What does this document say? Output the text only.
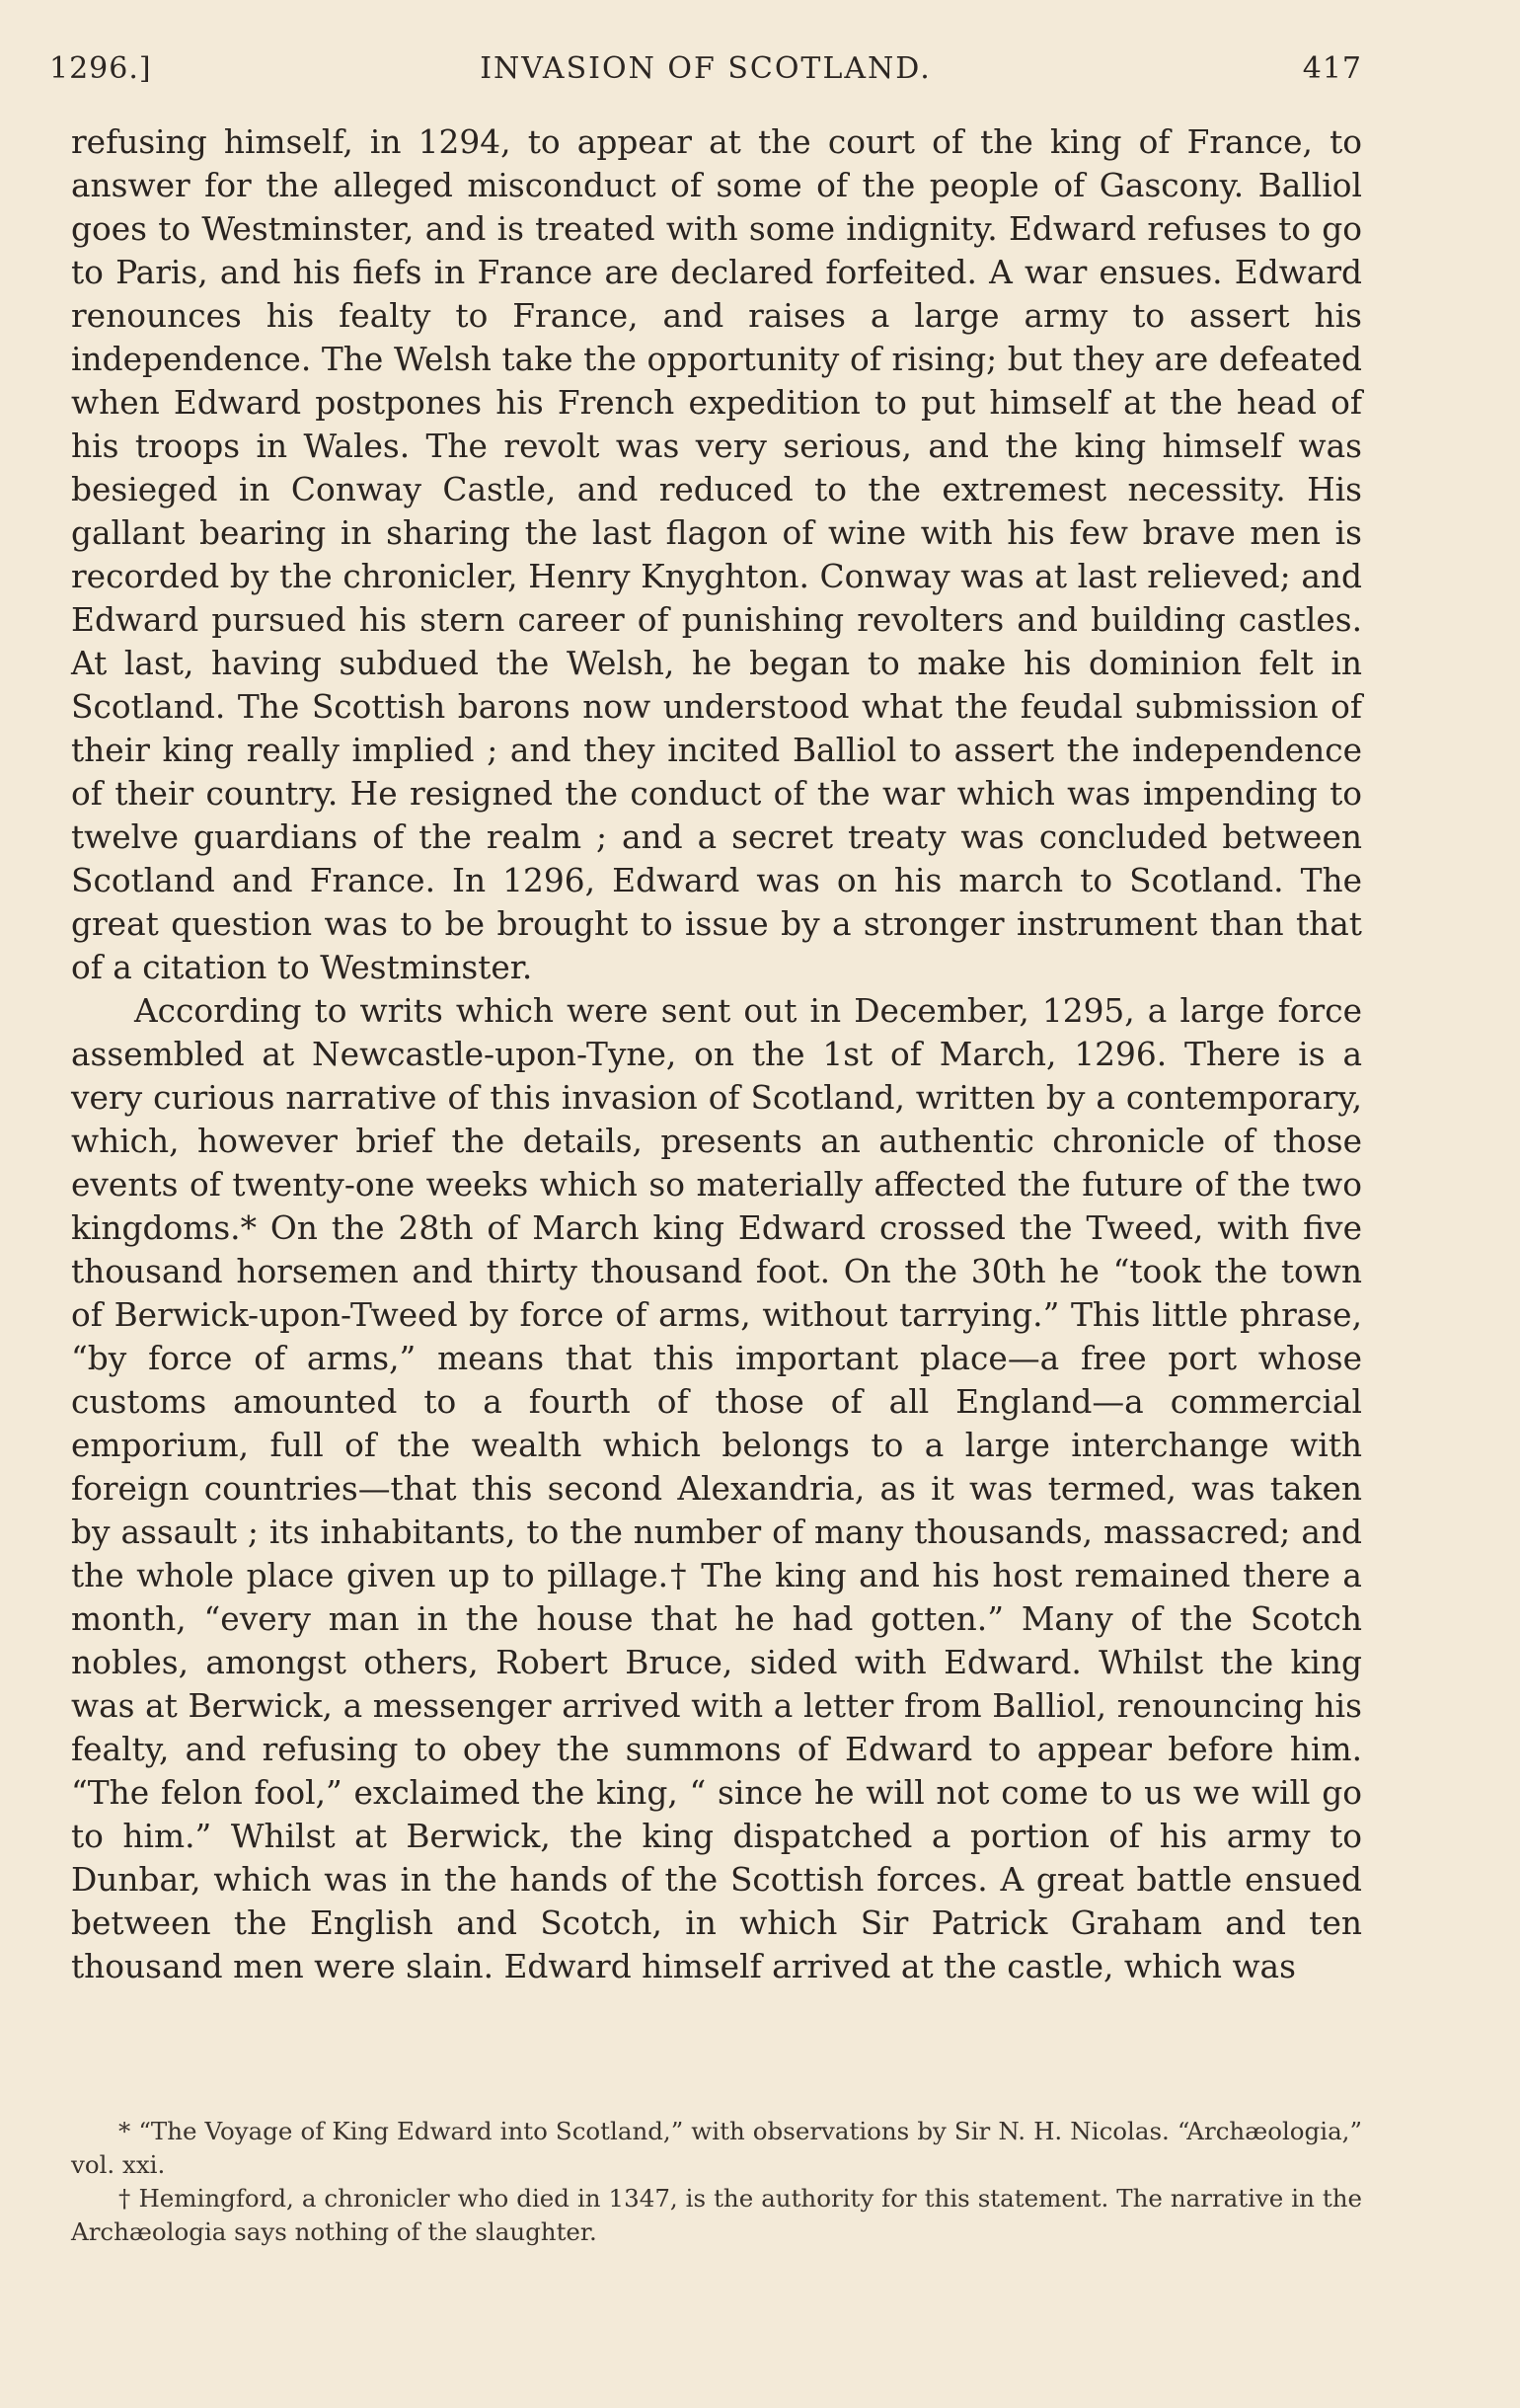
1296.]	INVASION OF SCOTLAND.	417

refusing himself, in 1294, to appear at the court of the king of France, to answer for the alleged misconduct of some of the people of Gascony. Balliol goes to Westminster, and is treated with some indignity. Edward refuses to go to Paris, and his fiefs in France are declared forfeited. A war ensues. Edward renounces his fealty to France, and raises a large army to assert his independence. The Welsh take the opportunity of rising; but they are defeated when Edward postpones his French expedition to put himself at the head of his troops in Wales. The revolt was very serious, and the king himself was besieged in Conway Castle, and reduced to the extremest necessity. His gallant bearing in sharing the last flagon of wine with his few brave men is recorded by the chronicler, Henry Knyghton. Conway was at last relieved; and Edward pursued his stern career of punishing revolters and building castles. At last, having subdued the Welsh, he began to make his dominion felt in Scotland. The Scottish barons now understood what the feudal submission of their king really implied ; and they incited Balliol to assert the independence of their country. He resigned the conduct of the war which was impending to twelve guardians of the realm ; and a secret treaty was concluded between Scotland and France. In 1296, Edward was on his march to Scotland. The great question was to be brought to issue by a stronger instrument than that of a citation to Westminster.

According to writs which were sent out in December, 1295, a large force assembled at Newcastle-upon-Tyne, on the 1st of March, 1296. There is a very curious narrative of this invasion of Scotland, written by a contemporary, which, however brief the details, presents an authentic chronicle of those events of twenty-one weeks which so materially affected the future of the two kingdoms.* On the 28th of March king Edward crossed the Tweed, with five thousand horsemen and thirty thousand foot. On the 30th he “took the town of Berwick-upon-Tweed by force of arms, without tarrying.” This little phrase, “by force of arms,” means that this important place—a free port whose customs amounted to a fourth of those of all England—a commercial emporium, full of the wealth which belongs to a large interchange with foreign countries—that this second Alexandria, as it was termed, was taken by assault ; its inhabitants, to the number of many thousands, massacred; and the whole place given up to pillage.† The king and his host remained there a month, “every man in the house that he had gotten.” Many of the Scotch nobles, amongst others, Robert Bruce, sided with Edward. Whilst the king was at Berwick, a messenger arrived with a letter from Balliol, renouncing his fealty, and refusing to obey the summons of Edward to appear before him. “The felon fool,” exclaimed the king, “ since he will not come to us we will go to him.” Whilst at Berwick, the king dispatched a portion of his army to Dunbar, which was in the hands of the Scottish forces. A great battle ensued between the English and Scotch, in which Sir Patrick Graham and ten thousand men were slain. Edward himself arrived at the castle, which was

* “The Voyage of King Edward into Scotland,” with observations by Sir N. H. Nicolas. “Archæologia,” vol. xxi.

† Hemingford, a chronicler who died in 1347, is the authority for this statement. The narrative in the Archæologia says nothing of the slaughter.
